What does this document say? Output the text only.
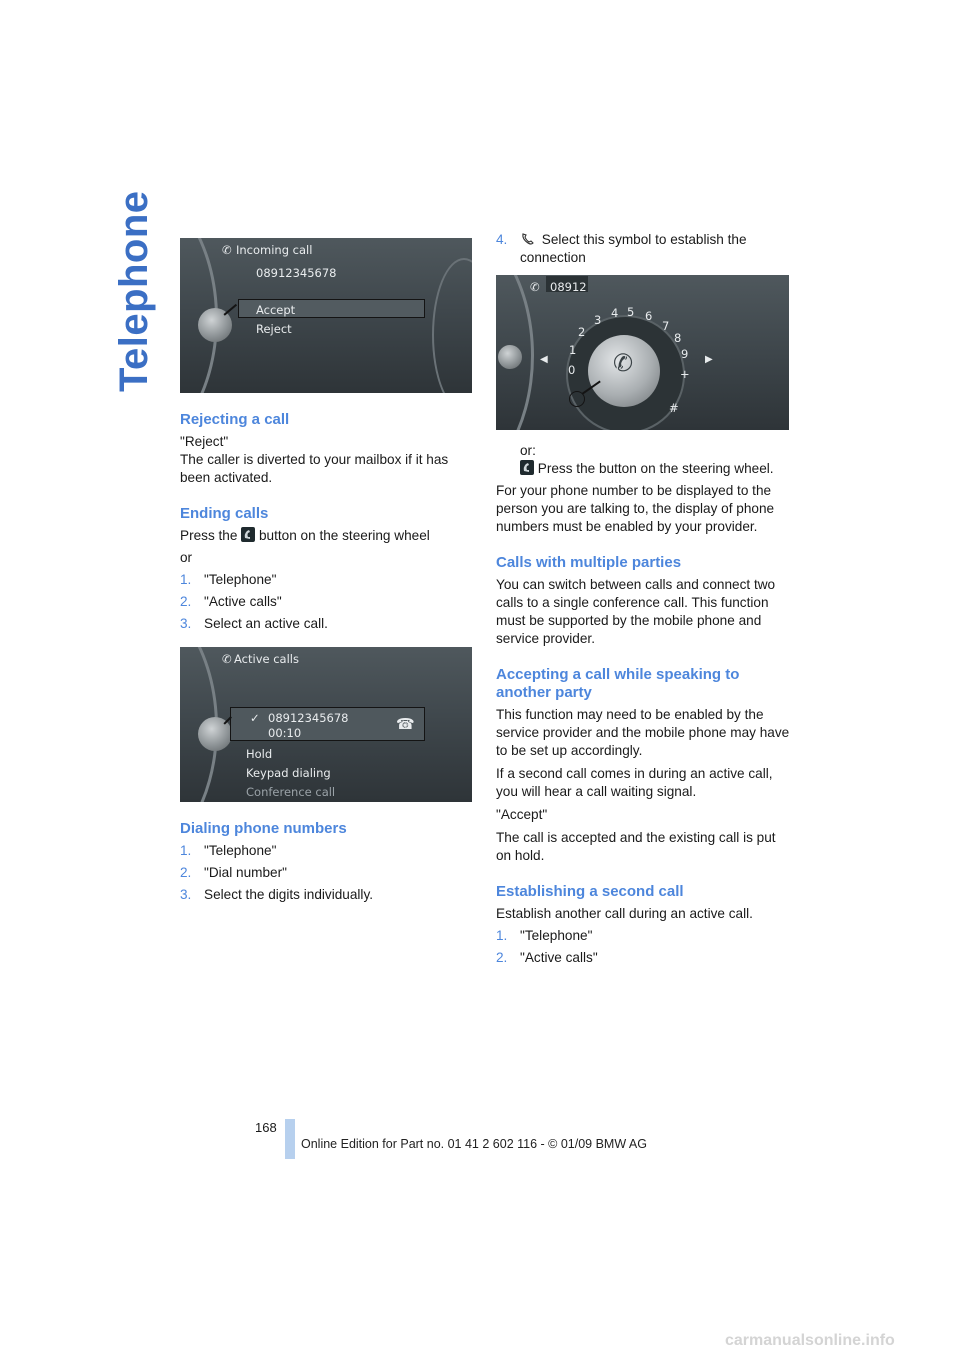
Telephone	✆ Incoming call
08912345678
Accept
Reject
Rejecting a call

"Reject"

The caller is diverted to your mailbox if it has been activated.

Ending calls

Press the button on the steering wheel

or

1. "Telephone"
2. "Active calls"
3. Select an active call.
✆ Active calls
✓ 08912345678
00:10	☎
Hold
Keypad dialing
Conference call
Dialing phone numbers
1. "Telephone"
2. "Dial number"
3. Select the digits individually.
4.	Select this symbol to establish the connection
✆ 08912
✆
◀	▶
0
1
2
3 4 5 6
7
8
9
+
#

or:

Press the button on the steering wheel.

For your phone number to be displayed to the person you are talking to, the display of phone numbers must be enabled by your provider.

Calls with multiple parties

You can switch between calls and connect two calls to a single conference call. This function must be supported by the mobile phone and service provider.

Accepting a call while speaking to another party

This function may need to be enabled by the service provider and the mobile phone may have to be set up accordingly.

If a second call comes in during an active call, you will hear a call waiting signal.

"Accept"

The call is accepted and the existing call is put on hold.

Establishing a second call

Establish another call during an active call.

1. "Telephone"
2. "Active calls"
168
Online Edition for Part no. 01 41 2 602 116 - © 01/09 BMW AG
carmanualsonline.info
